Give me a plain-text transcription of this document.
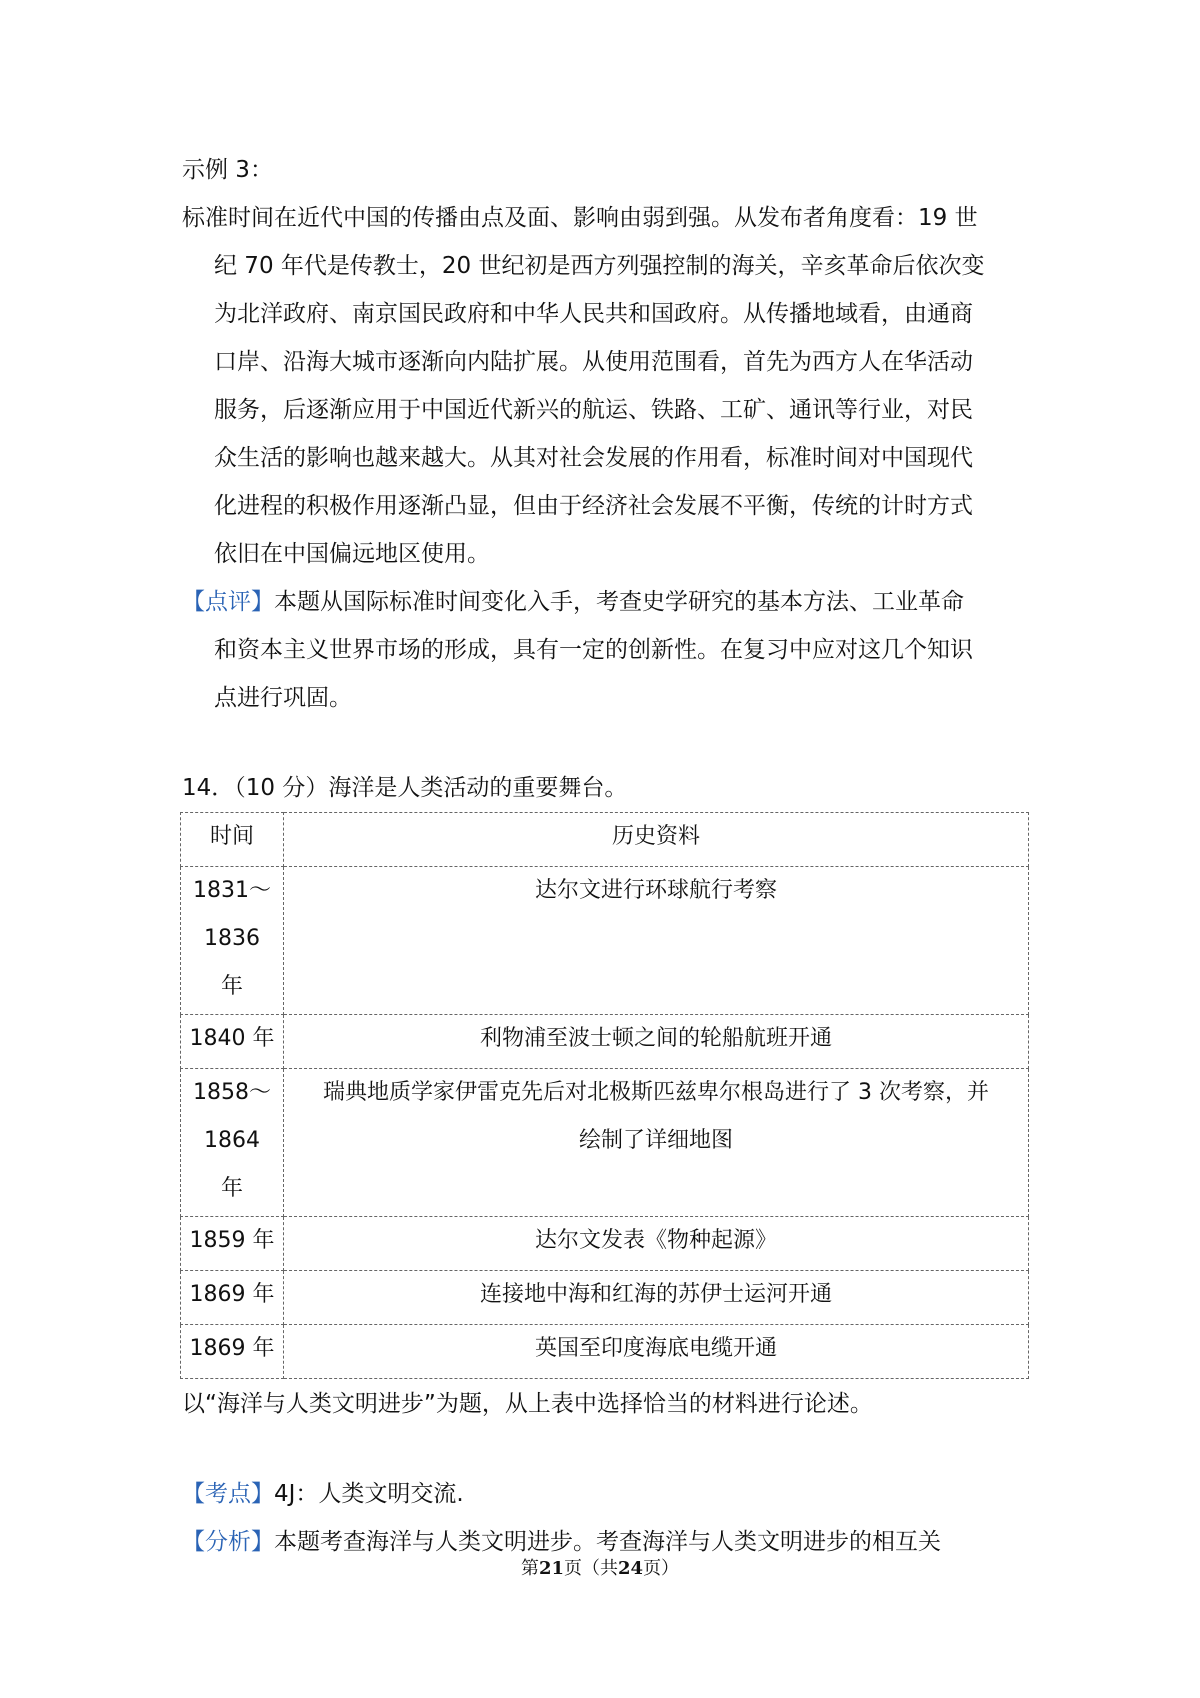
示例 3：
标准时间在近代中国的传播由点及面、影响由弱到强。从发布者角度看：19 世
纪 70 年代是传教士，20 世纪初是西方列强控制的海关，辛亥革命后依次变
为北洋政府、南京国民政府和中华人民共和国政府。从传播地域看，由通商
口岸、沿海大城市逐渐向内陆扩展。从使用范围看，首先为西方人在华活动
服务，后逐渐应用于中国近代新兴的航运、铁路、工矿、通讯等行业，对民
众生活的影响也越来越大。从其对社会发展的作用看，标准时间对中国现代
化进程的积极作用逐渐凸显，但由于经济社会发展不平衡，传统的计时方式
依旧在中国偏远地区使用。
【点评】本题从国际标准时间变化入手，考查史学研究的基本方法、工业革命
和资本主义世界市场的形成，具有一定的创新性。在复习中应对这几个知识
点进行巩固。
14．（10 分）海洋是人类活动的重要舞台。
时间	历史资料

1831～
1836
年	达尔文进行环球航行考察

1840 年	利物浦至波士顿之间的轮船航班开通

1858～
1864
年	瑞典地质学家伊雷克先后对北极斯匹兹卑尔根岛进行了 3 次考察，并
绘制了详细地图

1859 年	达尔文发表《物种起源》

1869 年	连接地中海和红海的苏伊士运河开通

1869 年	英国至印度海底电缆开通
以“海洋与人类文明进步”为题，从上表中选择恰当的材料进行论述。
【考点】4J：人类文明交流.
【分析】本题考查海洋与人类文明进步。考查海洋与人类文明进步的相互关
第21页（共24页）
